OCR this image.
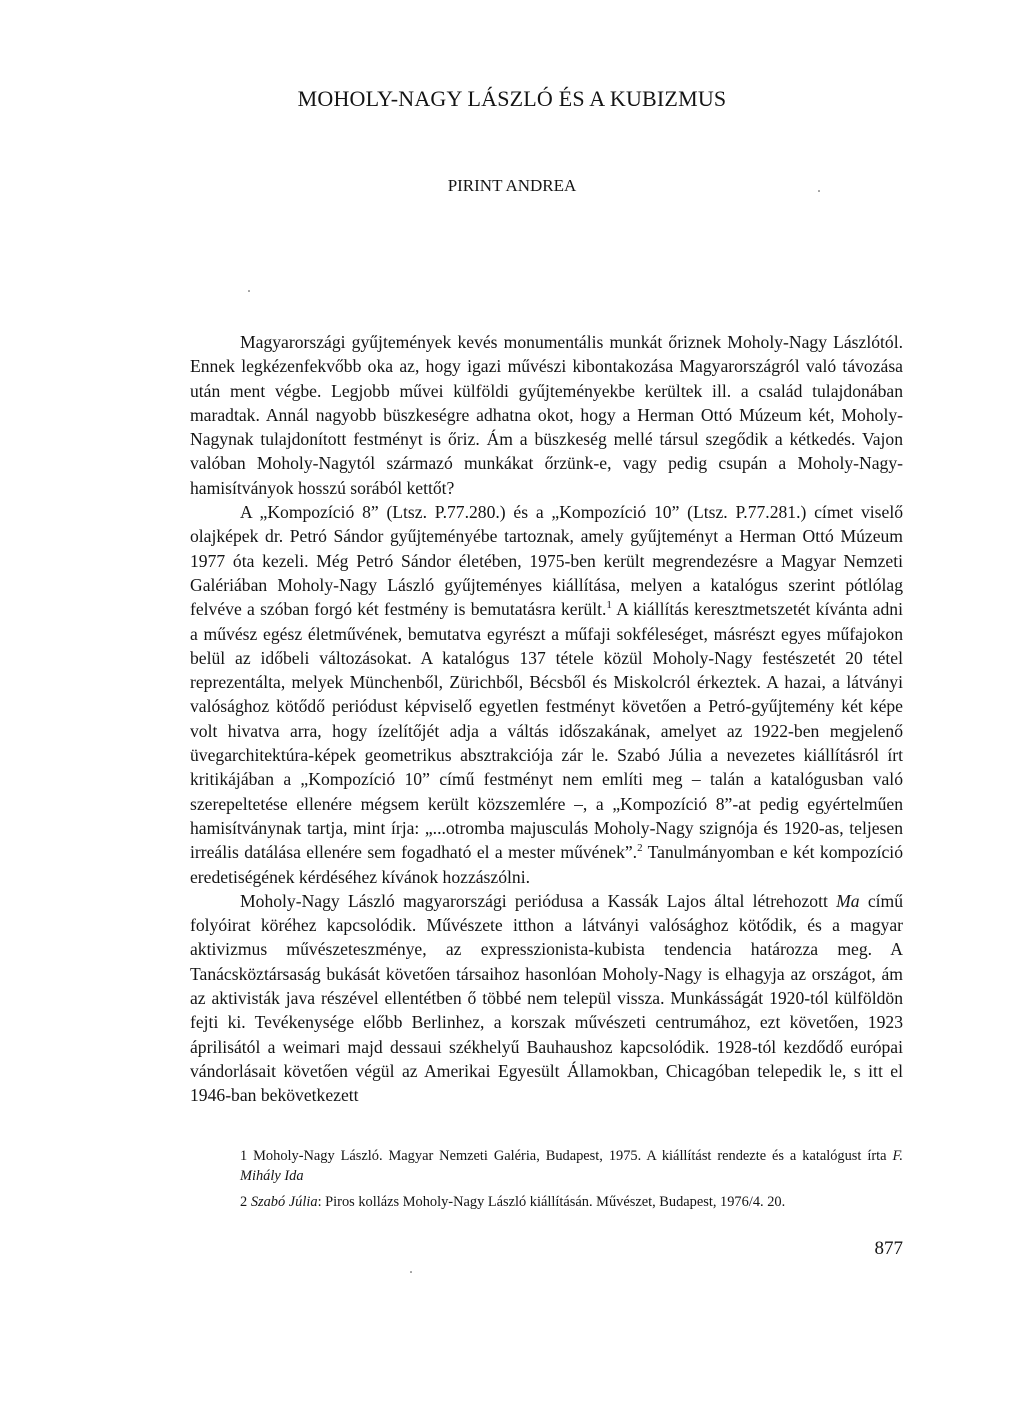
MOHOLY-NAGY LÁSZLÓ ÉS A KUBIZMUS
PIRINT ANDREA

Magyarországi gyűjtemények kevés monumentális munkát őriznek Moholy-Nagy Lászlótól. Ennek legkézenfekvőbb oka az, hogy igazi művészi kibontakozása Magyarországról való távozása után ment végbe. Legjobb művei külföldi gyűjteményekbe kerültek ill. a család tulajdonában maradtak. Annál nagyobb büszkeségre adhatna okot, hogy a Herman Ottó Múzeum két, Moholy-Nagynak tulajdonított festményt is őriz. Ám a büszkeség mellé társul szegődik a kétkedés. Vajon valóban Moholy-Nagytól származó munkákat őrzünk-e, vagy pedig csupán a Moholy-Nagy-hamisítványok hosszú sorából kettőt?
A „Kompozíció 8” (Ltsz. P.77.280.) és a „Kompozíció 10” (Ltsz. P.77.281.) címet viselő olajképek dr. Petró Sándor gyűjteményébe tartoznak, amely gyűjteményt a Herman Ottó Múzeum 1977 óta kezeli. Még Petró Sándor életében, 1975-ben került megrendezésre a Magyar Nemzeti Galériában Moholy-Nagy László gyűjteményes kiállítása, melyen a katalógus szerint pótlólag felvéve a szóban forgó két festmény is bemutatásra került.$^1$ A kiállítás keresztmetszetét kívánta adni a művész egész életművének, bemutatva egyrészt a műfaji sokféleséget, másrészt egyes műfajokon belül az időbeli változásokat. A katalógus 137 tétele közül Moholy-Nagy festészetét 20 tétel reprezentálta, melyek Münchenből, Zürichből, Bécsből és Miskolcról érkeztek. A hazai, a látványi valósághoz kötődő periódust képviselő egyetlen festményt követően a Petró-gyűjtemény két képe volt hivatva arra, hogy ízelítőjét adja a váltás időszakának, amelyet az 1922-ben megjelenő üvegarchitektúra-képek geometrikus absztrakciója zár le. Szabó Júlia a nevezetes kiállításról írt kritikájában a „Kompozíció 10” című festményt nem említi meg – talán a katalógusban való szerepeltetése ellenére mégsem került közszemlére –, a „Kompozíció 8”-at pedig egyértelműen hamisítványnak tartja, mint írja: „...otromba majusculás Moholy-Nagy szignója és 1920-as, teljesen irreális datálása ellenére sem fogadható el a mester művének”.$^2$ Tanulmányomban e két kompozíció eredetiségének kérdéséhez kívánok hozzászólni.

Moholy-Nagy László magyarországi periódusa a Kassák Lajos által létrehozott Ma című folyóirat köréhez kapcsolódik. Művészete itthon a látványi valósághoz kötődik, és a magyar aktivizmus művészeteszménye, az expresszionista-kubista tendencia határozza meg. A Tanácsköztársaság bukását követően társaihoz hasonlóan Moholy-Nagy is elhagyja az országot, ám az aktivisták java részével ellentétben ő többé nem települ vissza. Munkásságát 1920-tól külföldön fejti ki. Tevékenysége előbb Berlinhez, a korszak művészeti centrumához, ezt követően, 1923 áprilisától a weimari majd dessaui székhelyű Bauhaushoz kapcsolódik. 1928-tól kezdődő európai vándorlásait követően végül az Amerikai Egyesült Államokban, Chicagóban telepedik le, s itt el 1946-ban bekövetkezett

1 Moholy-Nagy László. Magyar Nemzeti Galéria, Budapest, 1975. A kiállítást rendezte és a katalógust írta F. Mihály Ida

2 Szabó Júlia: Piros kollázs Moholy-Nagy László kiállításán. Művészet, Budapest, 1976/4. 20.

877
